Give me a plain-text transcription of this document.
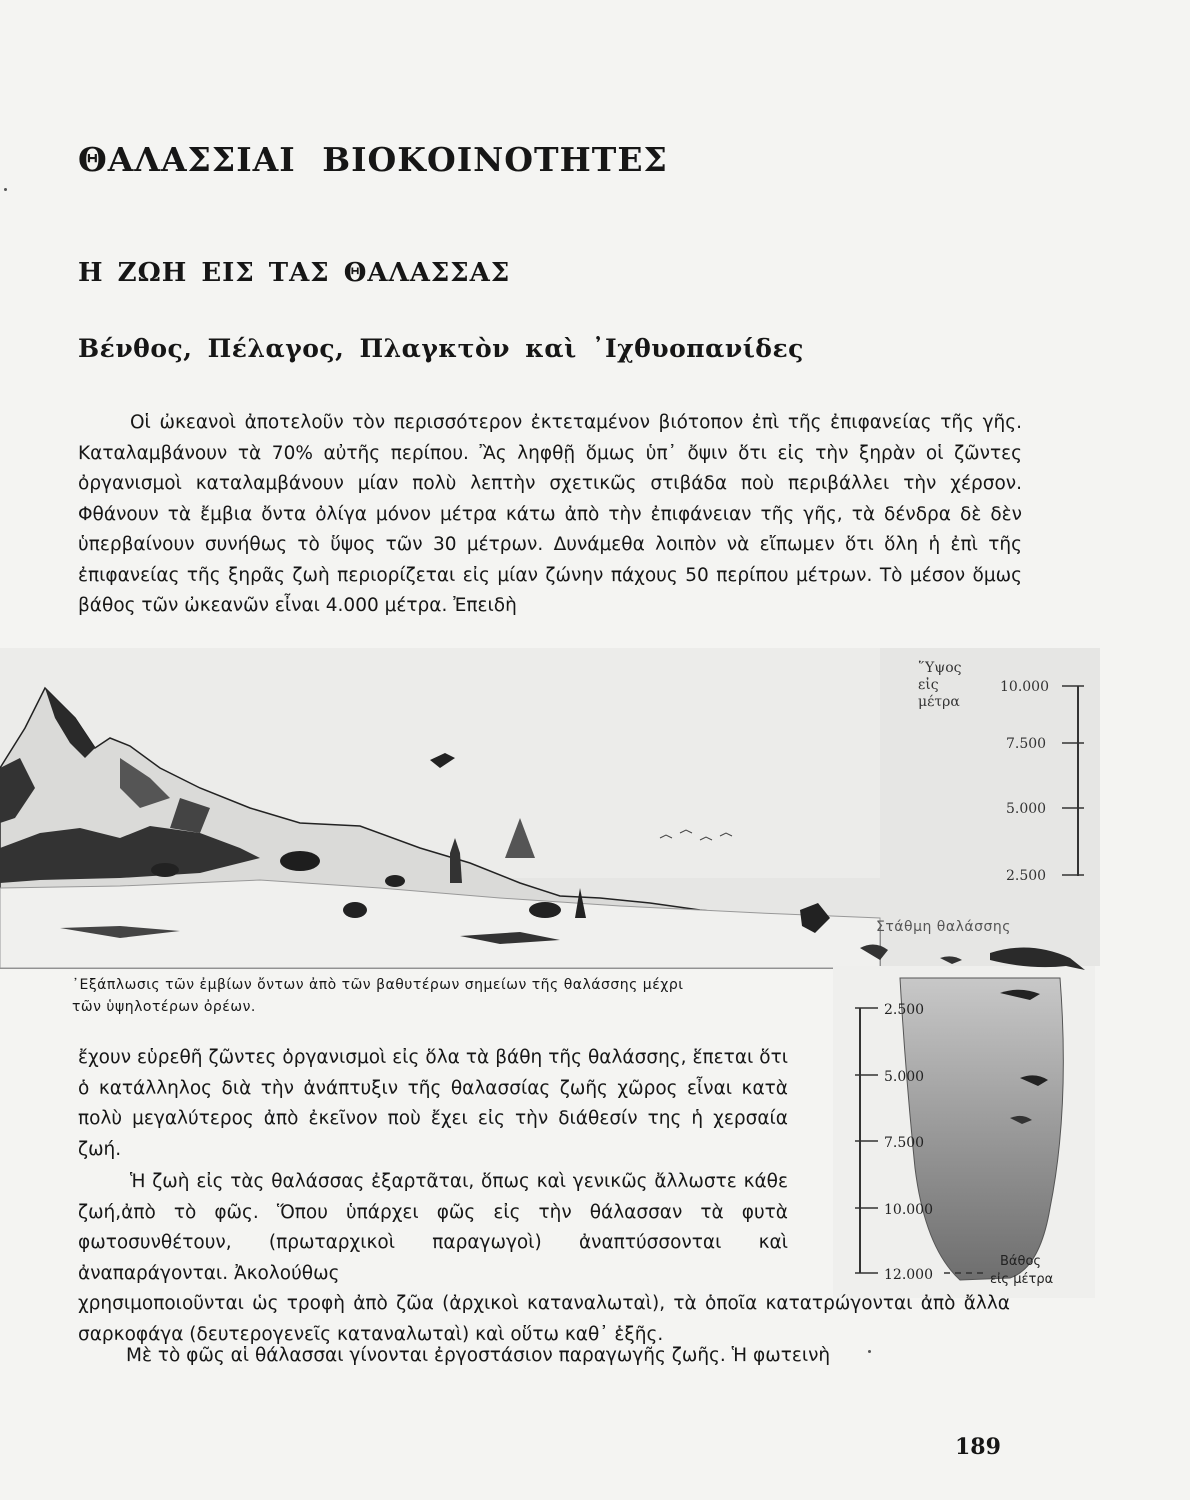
ΘΑΛΑΣΣΙΑΙ ΒΙΟΚΟΙΝΟΤΗΤΕΣ
Η ΖΩΗ ΕΙΣ ΤΑΣ ΘΑΛΑΣΣΑΣ
Βένθος, Πέλαγος, Πλαγκτὸν καὶ ᾿Ιχθυοπανίδες

Οἱ ὠκεανοὶ ἀποτελοῦν τὸν περισσότερον ἐκτεταμένον βιότοπον ἐπὶ τῆς ἐπιφανείας τῆς γῆς. Καταλαμβάνουν τὰ 70% αὐτῆς περίπου. Ἂς ληφθῇ ὅμως ὑπ᾽ ὄψιν ὅτι εἰς τὴν ξηρὰν οἱ ζῶντες ὀργανισμοὶ καταλαμβάνουν μίαν πολὺ λεπτὴν σχετικῶς στιβάδα ποὺ περιβάλλει τὴν χέρσον. Φθάνουν τὰ ἔμβια ὄντα ὀλίγα μόνον μέτρα κάτω ἀπὸ τὴν ἐπιφάνειαν τῆς γῆς, τὰ δένδρα δὲ δὲν ὑπερβαίνουν συνήθως τὸ ὕψος τῶν 30 μέτρων. Δυνάμεθα λοιπὸν νὰ εἴπωμεν ὅτι ὅλη ἡ ἐπὶ τῆς ἐπιφανείας τῆς ξηρᾶς ζωὴ περιορίζεται εἰς μίαν ζώνην πάχους 50 περίπου μέτρων. Τὸ μέσον ὅμως βάθος τῶν ὠκεανῶν εἶναι 4.000 μέτρα. Ἐπειδὴ

῞Υψος
εἰς
μέτρα
10.000
7.500
5.000
2.500
2.500
5.000
7.500
10.000
12.000
Βάθος
εἰς μέτρα
Στάθμη θαλάσσης
᾿Εξάπλωσις τῶν ἐμβίων ὄντων ἀπὸ τῶν βαθυτέρων σημείων τῆς θαλάσσης μέχρι τῶν ὑψηλοτέρων ὀρέων.

ἔχουν εὑρεθῆ ζῶντες ὀργανισμοὶ εἰς ὅλα τὰ βάθη τῆς θαλάσσης, ἕπεται ὅτι ὁ κατάλληλος διὰ τὴν ἀνάπτυξιν τῆς θαλασσίας ζωῆς χῶρος εἶναι κατὰ πολὺ μεγαλύτερος ἀπὸ ἐκεῖνον ποὺ ἔχει εἰς τὴν διάθεσίν της ἡ χερσαία ζωή.

Ἡ ζωὴ εἰς τὰς θαλάσσας ἐξαρτᾶται, ὅπως καὶ γενικῶς ἄλλωστε κάθε ζωή,ἀπὸ τὸ φῶς. Ὅπου ὑπάρχει φῶς εἰς τὴν θάλασσαν τὰ φυτὰ φωτοσυνθέτουν, (πρωταρχικοὶ παραγωγοὶ) ἀναπτύσσονται καὶ ἀναπαράγονται. Ἀκολούθως

χρησιμοποιοῦνται ὡς τροφὴ ἀπὸ ζῶα (ἀρχικοὶ καταναλωταὶ), τὰ ὁποῖα κατατρώγονται ἀπὸ ἄλλα σαρκοφάγα (δευτερογενεῖς καταναλωταὶ) καὶ οὕτω καθ᾽ ἑξῆς.

Μὲ τὸ φῶς αἱ θάλασσαι γίνονται ἐργοστάσιον παραγωγῆς ζωῆς. Ἡ φωτεινὴ

189
